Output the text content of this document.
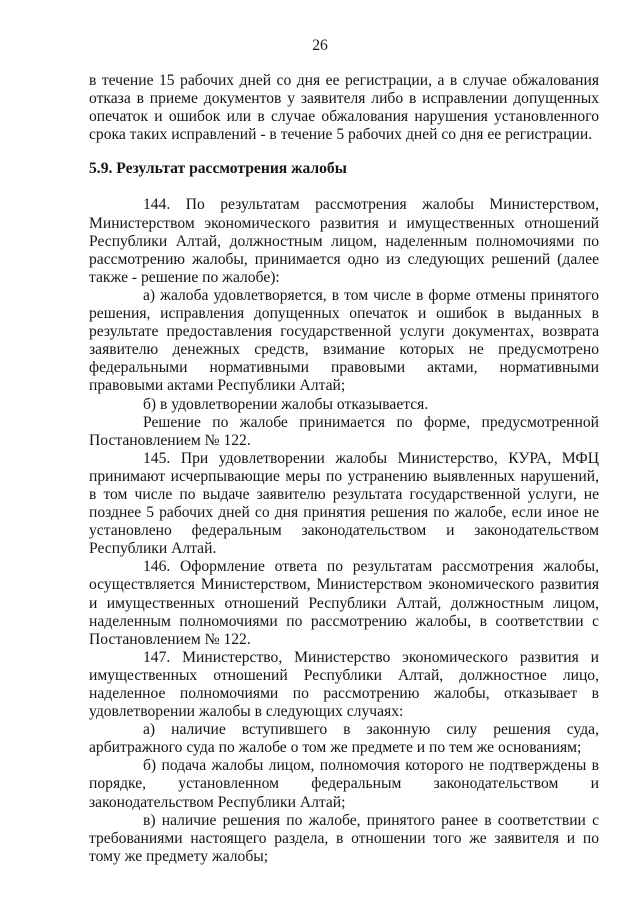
26

в течение 15 рабочих дней со дня ее регистрации, а в случае обжалования отказа в приеме документов у заявителя либо в исправлении допущенных опечаток и ошибок или в случае обжалования нарушения установленного срока таких исправлений - в течение 5 рабочих дней со дня ее регистрации.

5.9. Результат рассмотрения жалобы

144. По результатам рассмотрения жалобы Министерством, Министерством экономического развития и имущественных отношений Республики Алтай, должностным лицом, наделенным полномочиями по рассмотрению жалобы, принимается одно из следующих решений (далее также - решение по жалобе):

а) жалоба удовлетворяется, в том числе в форме отмены принятого решения, исправления допущенных опечаток и ошибок в выданных в результате предоставления государственной услуги документах, возврата заявителю денежных средств, взимание которых не предусмотрено федеральными нормативными правовыми актами, нормативными правовыми актами Республики Алтай;

б) в удовлетворении жалобы отказывается.

Решение по жалобе принимается по форме, предусмотренной Постановлением № 122.

145. При удовлетворении жалобы Министерство, КУРА, МФЦ принимают исчерпывающие меры по устранению выявленных нарушений, в том числе по выдаче заявителю результата государственной услуги, не позднее 5 рабочих дней со дня принятия решения по жалобе, если иное не установлено федеральным законодательством и законодательством Республики Алтай.

146. Оформление ответа по результатам рассмотрения жалобы, осуществляется Министерством, Министерством экономического развития и имущественных отношений Республики Алтай, должностным лицом, наделенным полномочиями по рассмотрению жалобы, в соответствии с Постановлением № 122.

147. Министерство, Министерство экономического развития и имущественных отношений Республики Алтай, должностное лицо, наделенное полномочиями по рассмотрению жалобы, отказывает в удовлетворении жалобы в следующих случаях:

а) наличие вступившего в законную силу решения суда, арбитражного суда по жалобе о том же предмете и по тем же основаниям;

б) подача жалобы лицом, полномочия которого не подтверждены в порядке, установленном федеральным законодательством и законодательством Республики Алтай;

в) наличие решения по жалобе, принятого ранее в соответствии с требованиями настоящего раздела, в отношении того же заявителя и по тому же предмету жалобы;
